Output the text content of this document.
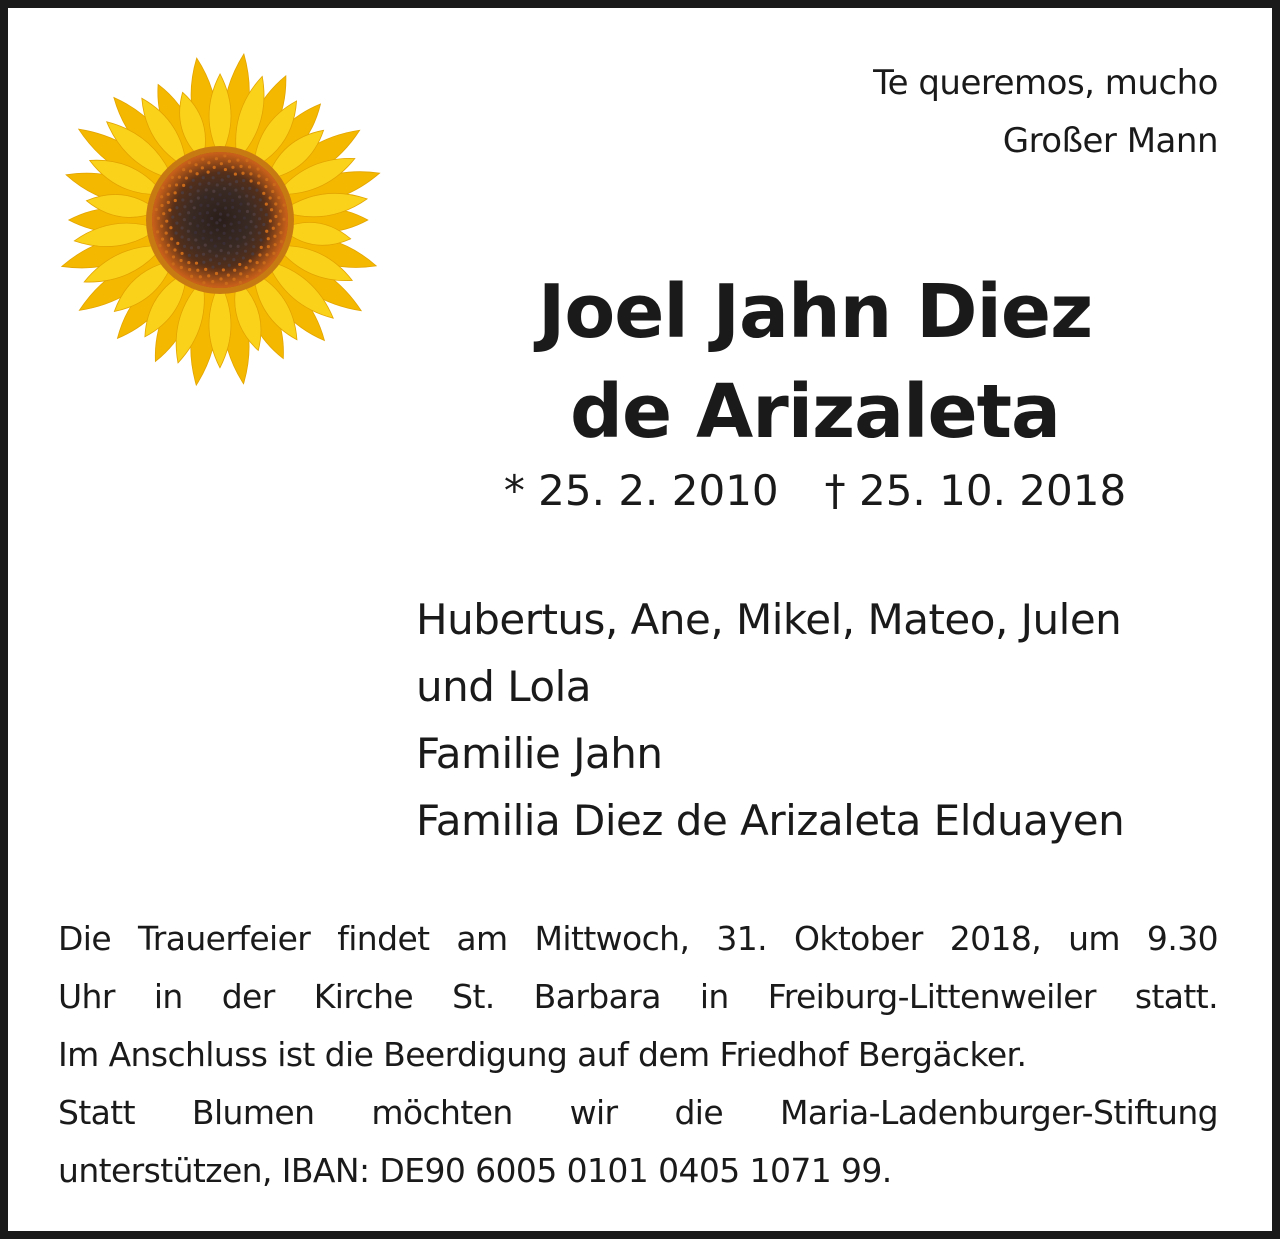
Te queremos, mucho
Großer Mann
Joel Jahn Diez
de Arizaleta
* 25. 2. 2010 † 25. 10. 2018
Hubertus, Ane, Mikel, Mateo, Julen
und Lola
Familie Jahn
Familia Diez de Arizaleta Elduayen
Die Trauerfeier findet am Mittwoch, 31. Oktober 2018, um 9.30
Uhr in der Kirche St. Barbara in Freiburg-Littenweiler statt.
Im Anschluss ist die Beerdigung auf dem Friedhof Bergäcker.
Statt Blumen möchten wir die Maria-Ladenburger-Stiftung
unterstützen, IBAN: DE90 6005 0101 0405 1071 99.
